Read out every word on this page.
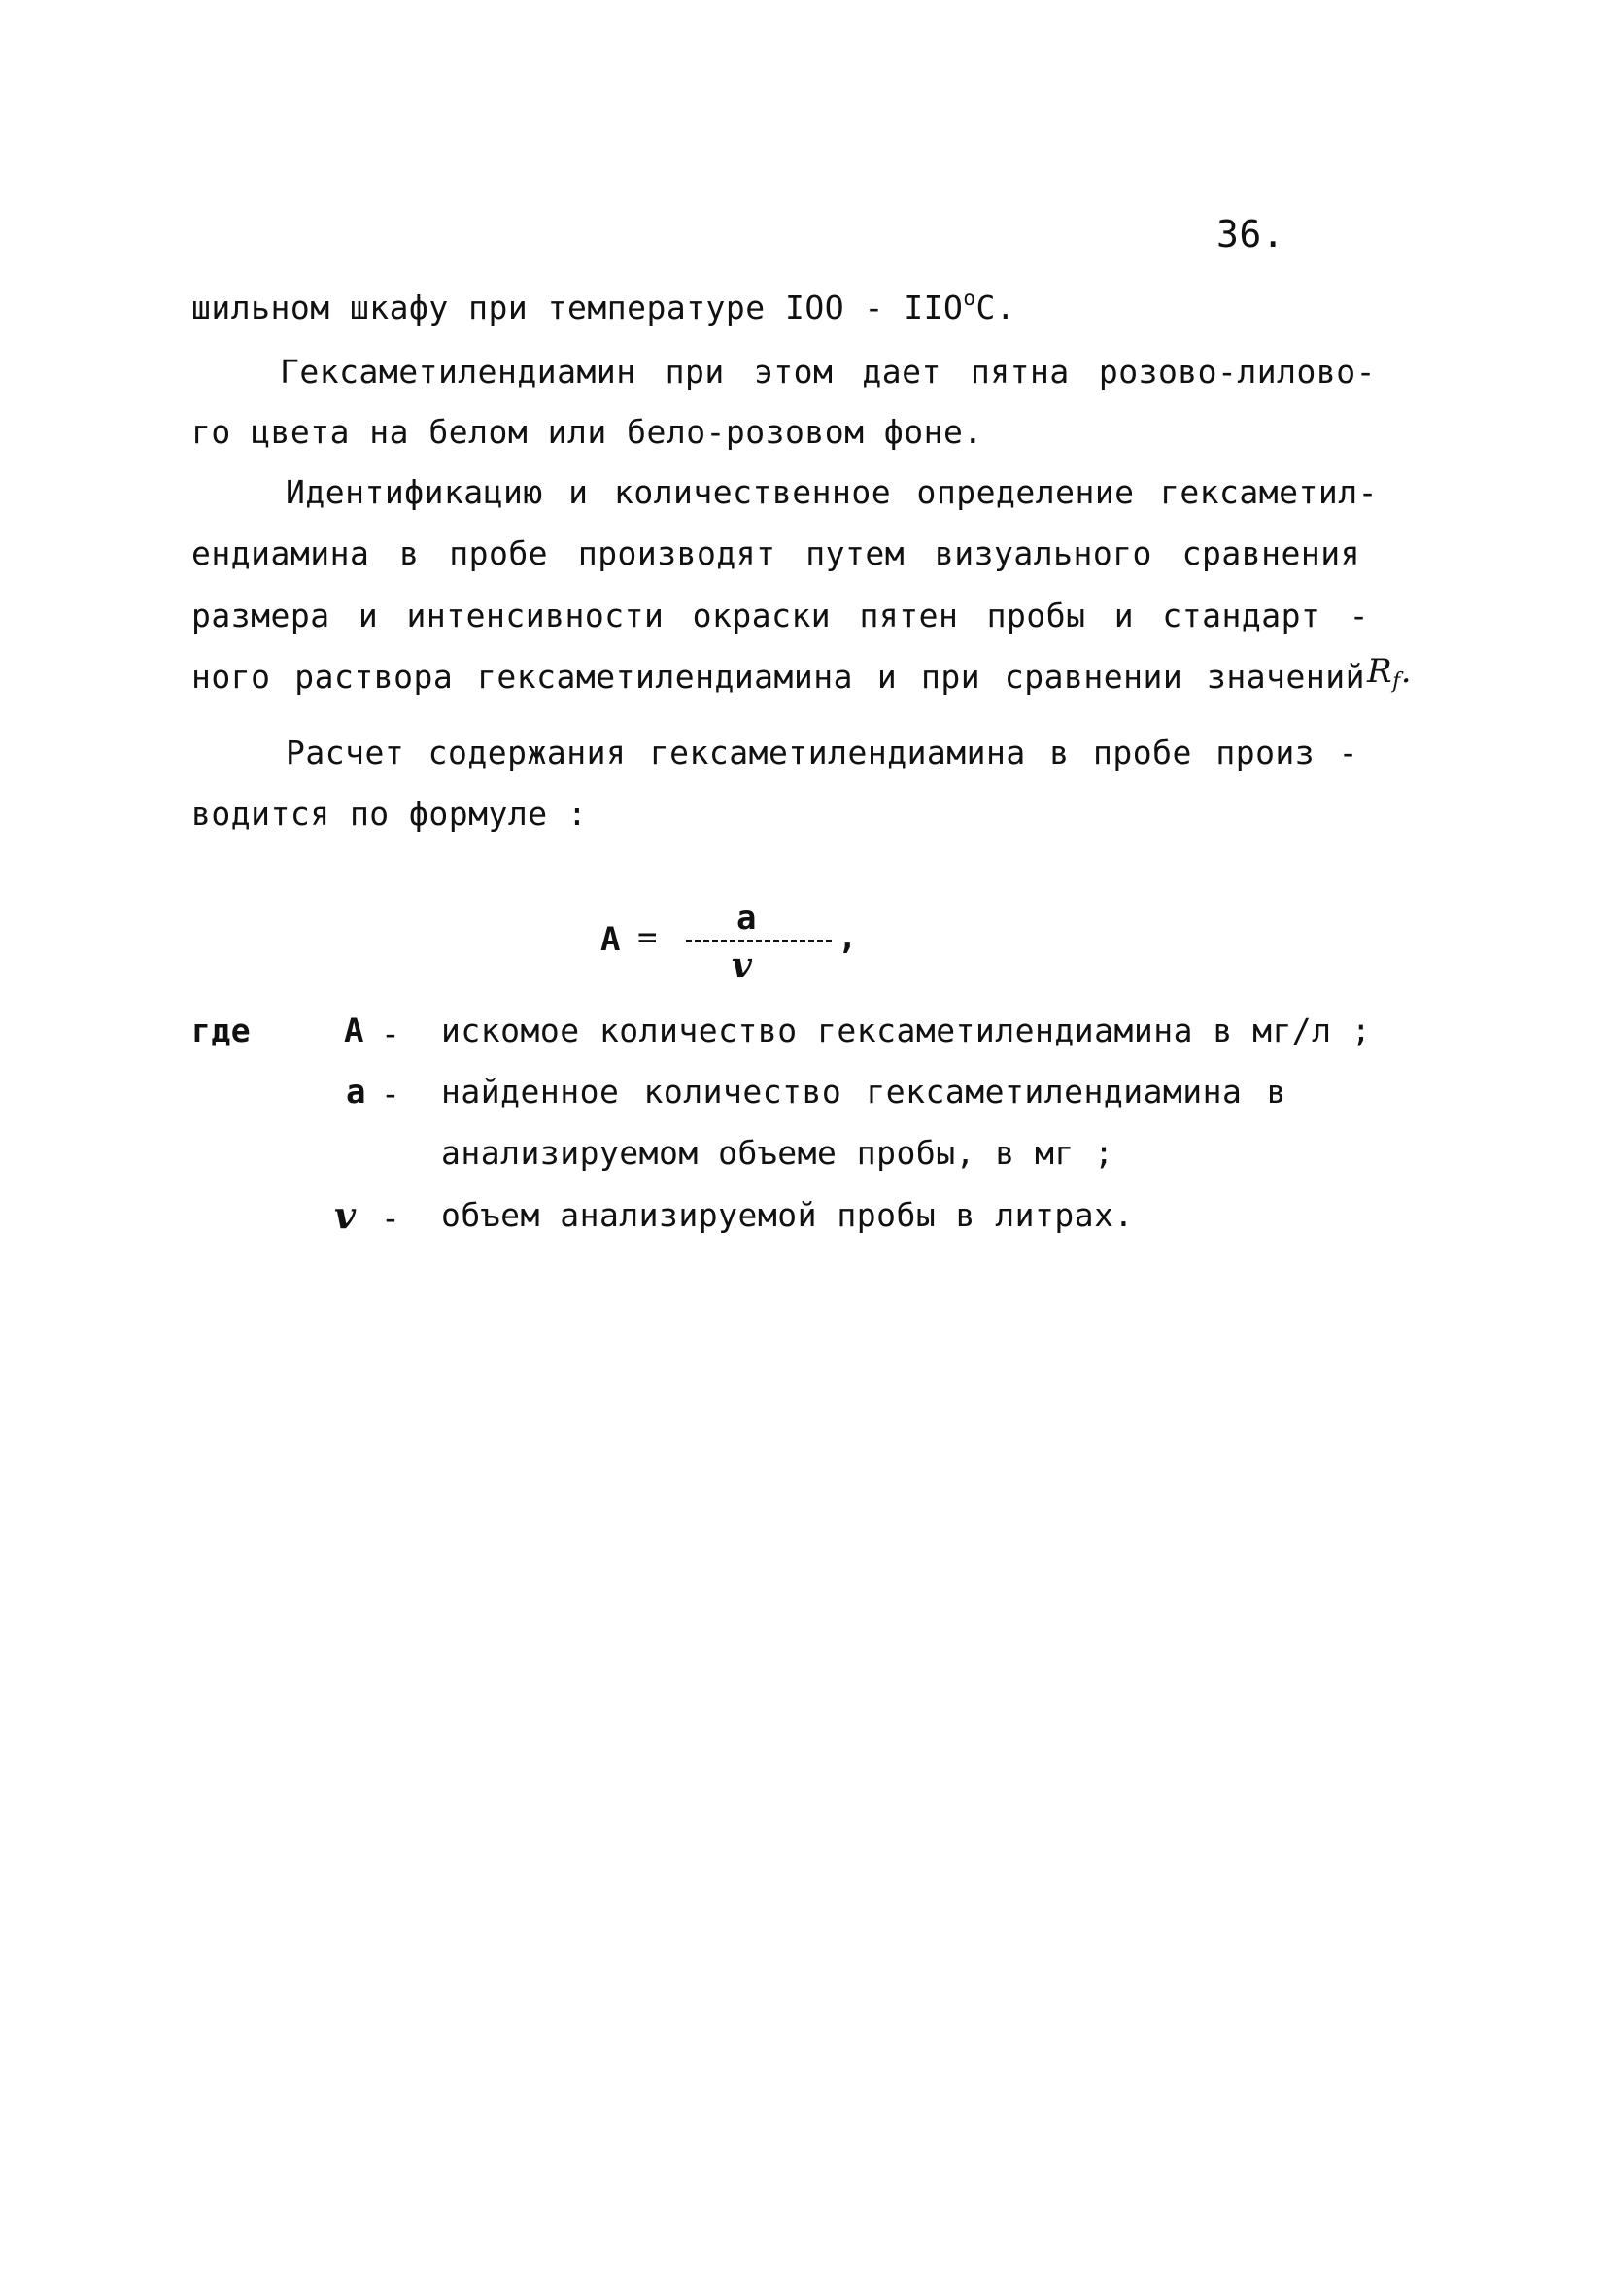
36.

шильном шкафу при температуре IOO - $IIO^оС$.

Гексаметилендиамин при этом дает пятна розово-лилово-

го цвета на белом или бело-розовом фоне.

Идентификацию и количественное определение гексаметил-

ендиамина в пробе производят путем визуального сравнения

размера и интенсивности окраски пятен пробы и стандарт -

ного раствора гексаметилендиамина и при сравнении значений $R_f$.

Расчет содержания гексаметилендиамина в пробе произ -

водится по формуле :

A = a
v
,
где	A - искомое количество гексаметилендиамина в мг/л ;
a - найденное количество гексаметилендиамина в
анализируемом объеме пробы, в мг ;
v - объем анализируемой пробы в литрах.
